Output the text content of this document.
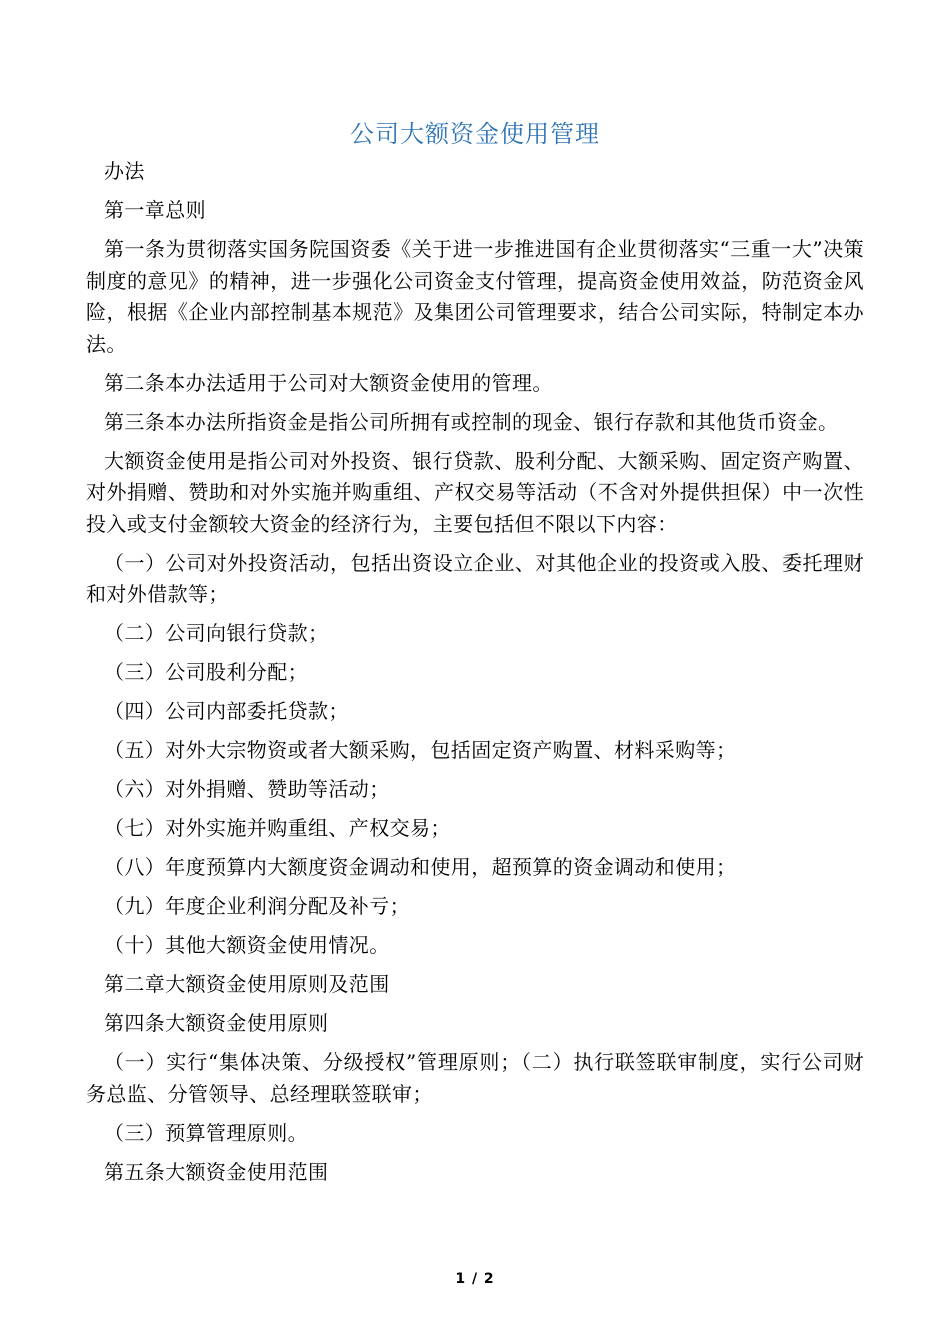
公司大额资金使用管理

办法

第一章总则

第一条为贯彻落实国务院国资委《关于进一步推进国有企业贯彻落实“三重一大”决策制度的意见》的精神，进一步强化公司资金支付管理，提高资金使用效益，防范资金风险，根据《企业内部控制基本规范》及集团公司管理要求，结合公司实际，特制定本办法。

第二条本办法适用于公司对大额资金使用的管理。

第三条本办法所指资金是指公司所拥有或控制的现金、银行存款和其他货币资金。

大额资金使用是指公司对外投资、银行贷款、股利分配、大额采购、固定资产购置、对外捐赠、赞助和对外实施并购重组、产权交易等活动（不含对外提供担保）中一次性投入或支付金额较大资金的经济行为，主要包括但不限以下内容：

（一）公司对外投资活动，包括出资设立企业、对其他企业的投资或入股、委托理财和对外借款等；

（二）公司向银行贷款；

（三）公司股利分配；

（四）公司内部委托贷款；

（五）对外大宗物资或者大额采购，包括固定资产购置、材料采购等；

（六）对外捐赠、赞助等活动；

（七）对外实施并购重组、产权交易；

（八）年度预算内大额度资金调动和使用，超预算的资金调动和使用；

（九）年度企业利润分配及补亏；

（十）其他大额资金使用情况。

第二章大额资金使用原则及范围

第四条大额资金使用原则

（一）实行“集体决策、分级授权”管理原则；（二）执行联签联审制度，实行公司财务总监、分管领导、总经理联签联审；

（三）预算管理原则。

第五条大额资金使用范围

1 / 2
